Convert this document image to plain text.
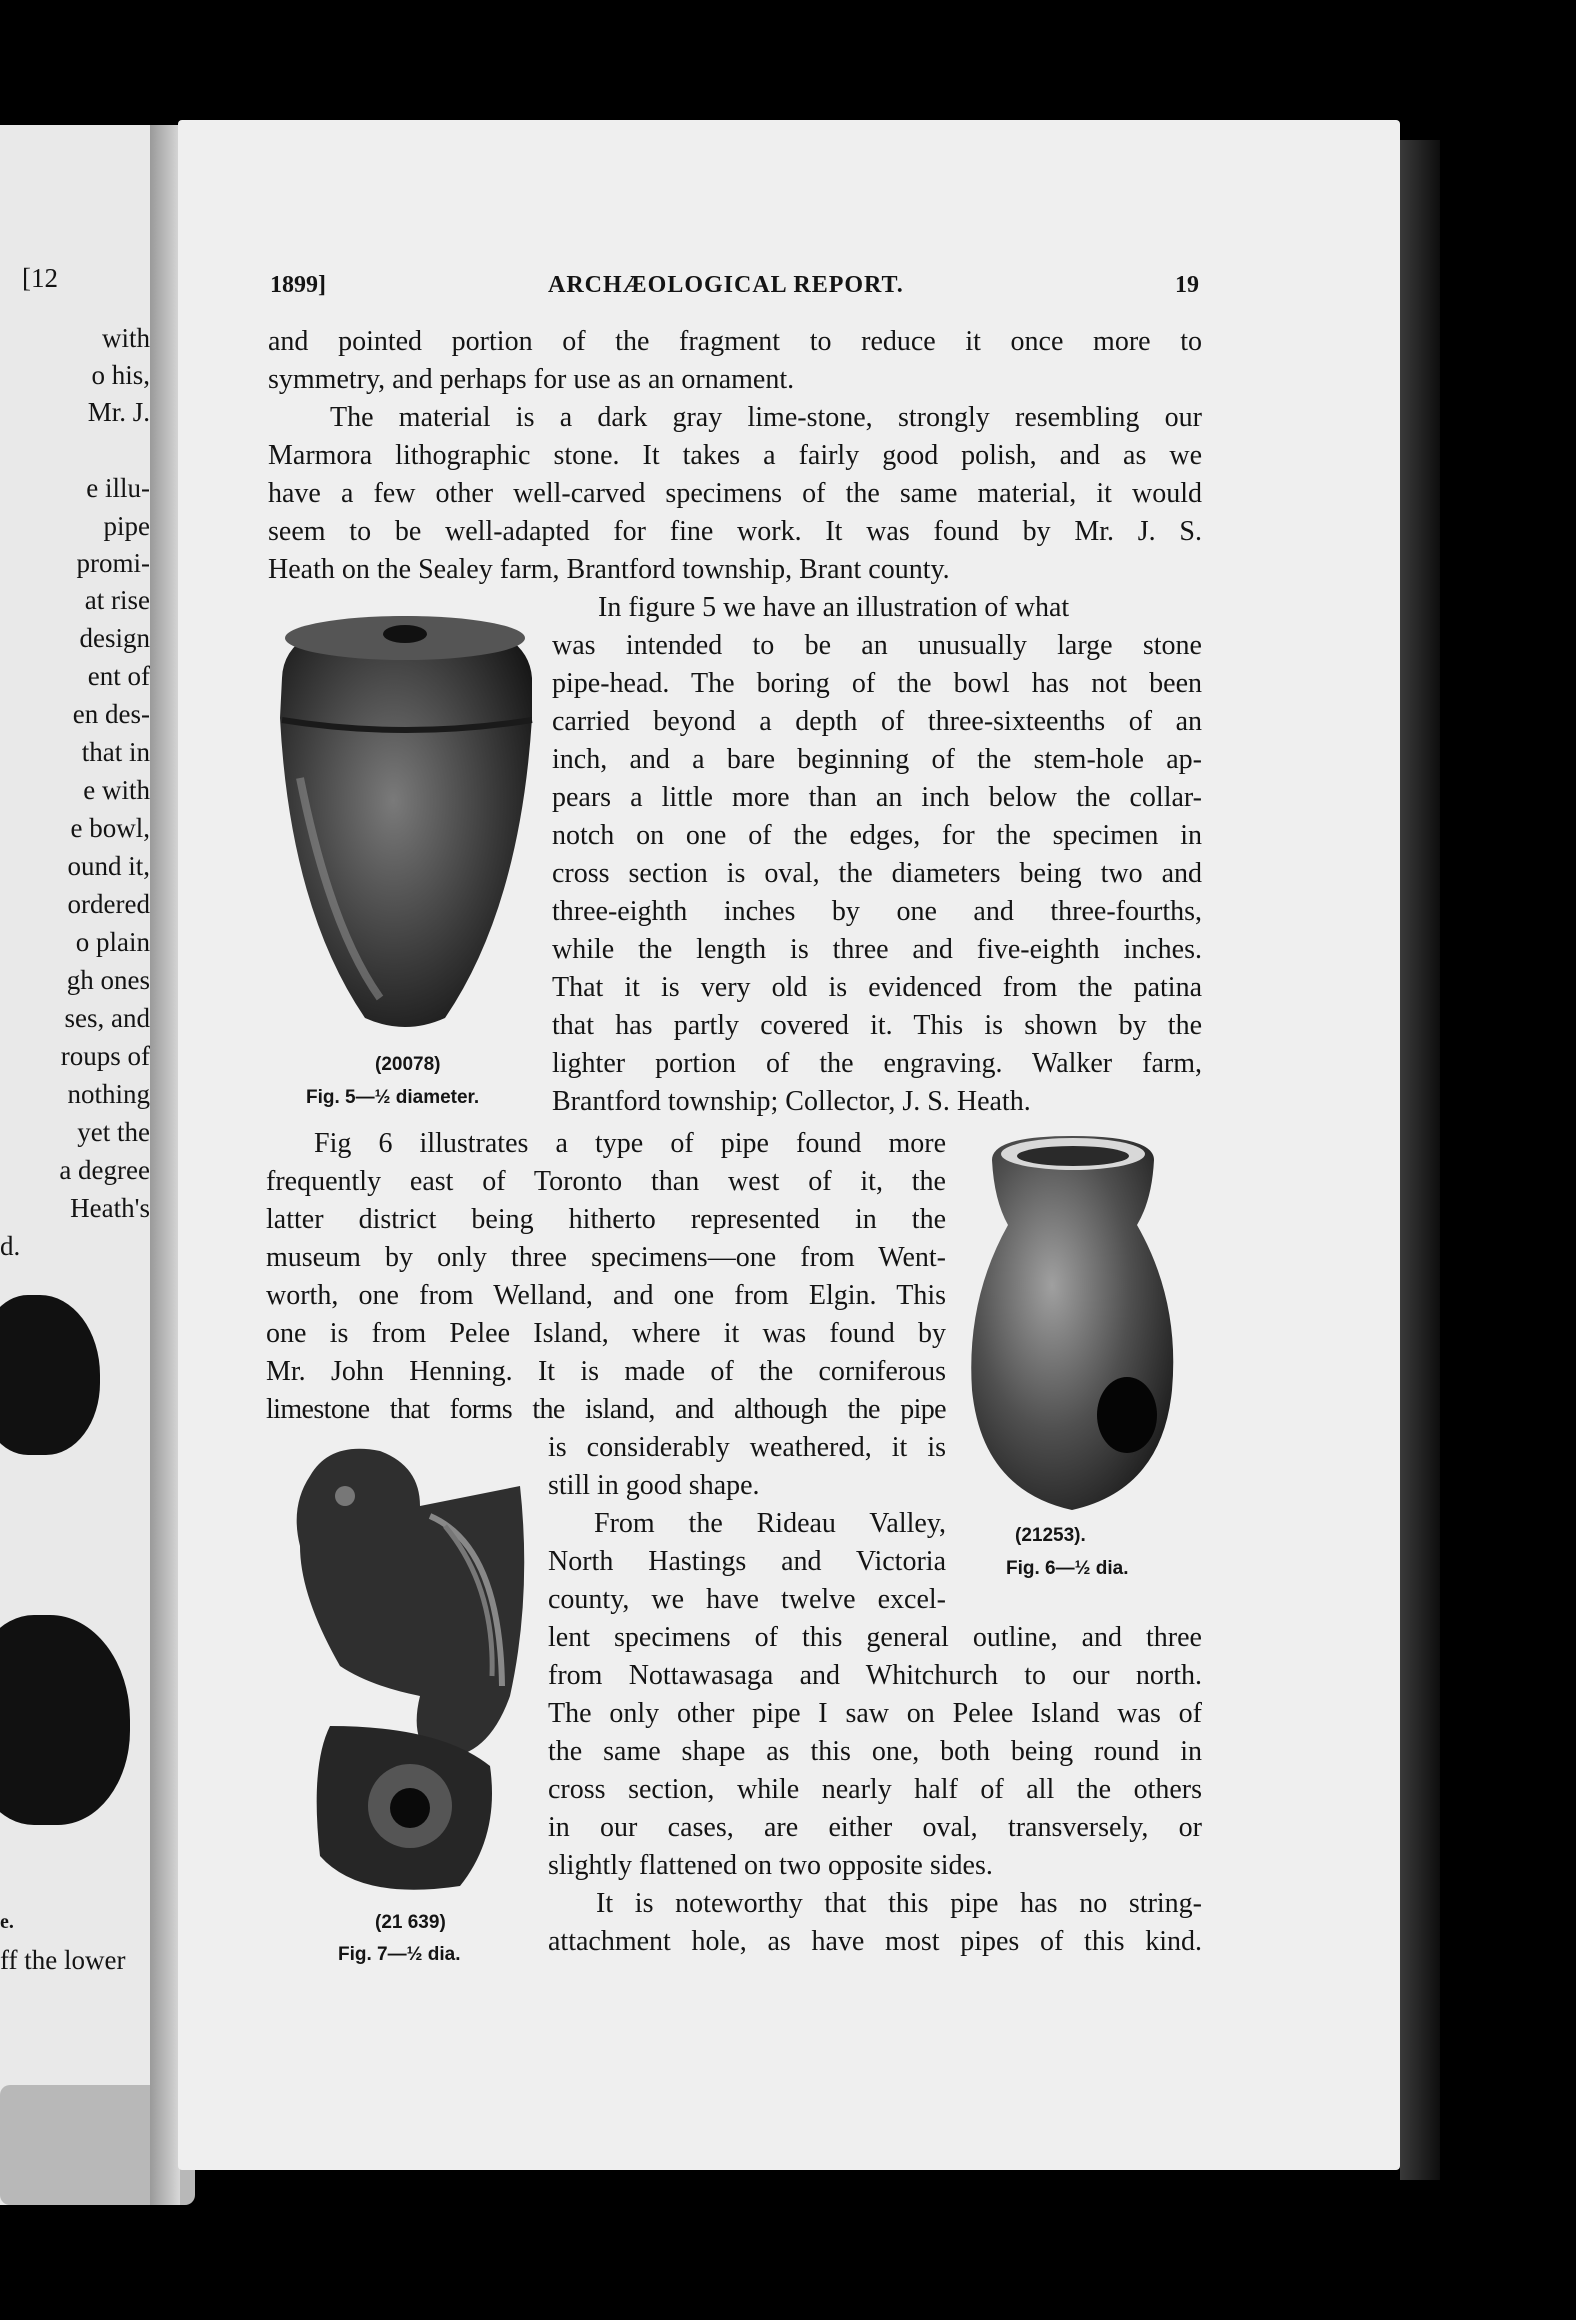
[12
with
o his,
Mr. J.
e illu-
pipe
promi-
at rise
design
ent of
en des-
that in
e with
e bowl,
ound it,
ordered
o plain
gh ones
ses, and
roups of
nothing
yet the
a degree
Heath's
d.
e.
ff the lower
1899]	ARCHÆOLOGICAL REPORT.	19
and pointed portion of the fragment to reduce it once more to
symmetry, and perhaps for use as an ornament.
The material is a dark gray lime-stone, strongly resembling our
Marmora lithographic stone. It takes a fairly good polish, and as we
have a few other well-carved specimens of the same material, it would
seem to be well-adapted for fine work. It was found by Mr. J. S.
Heath on the Sealey farm, Brantford township, Brant county.
(20078)
Fig. 5—½ diameter.
In figure 5 we have an illustration of what
was intended to be an unusually large stone
pipe-head. The boring of the bowl has not been
carried beyond a depth of three-sixteenths of an
inch, and a bare beginning of the stem-hole ap-
pears a little more than an inch below the collar-
notch on one of the edges, for the specimen in
cross section is oval, the diameters being two and
three-eighth inches by one and three-fourths,
while the length is three and five-eighth inches.
That it is very old is evidenced from the patina
that has partly covered it. This is shown by the
lighter portion of the engraving. Walker farm,
Brantford township; Collector, J. S. Heath.
(21253).
Fig. 6—½ dia.
Fig 6 illustrates a type of pipe found more
frequently east of Toronto than west of it, the
latter district being hitherto represented in the
museum by only three specimens—one from Went-
worth, one from Welland, and one from Elgin. This
one is from Pelee Island, where it was found by
Mr. John Henning. It is made of the corniferous
limestone that forms the island, and although the pipe
(21 639)
Fig. 7—½ dia.
is considerably weathered, it is
still in good shape.
From the Rideau Valley,
North Hastings and Victoria
county, we have twelve excel-
lent specimens of this general outline, and three
from Nottawasaga and Whitchurch to our north.
The only other pipe I saw on Pelee Island was of
the same shape as this one, both being round in
cross section, while nearly half of all the others
in our cases, are either oval, transversely, or
slightly flattened on two opposite sides.
It is noteworthy that this pipe has no string-
attachment hole, as have most pipes of this kind.
